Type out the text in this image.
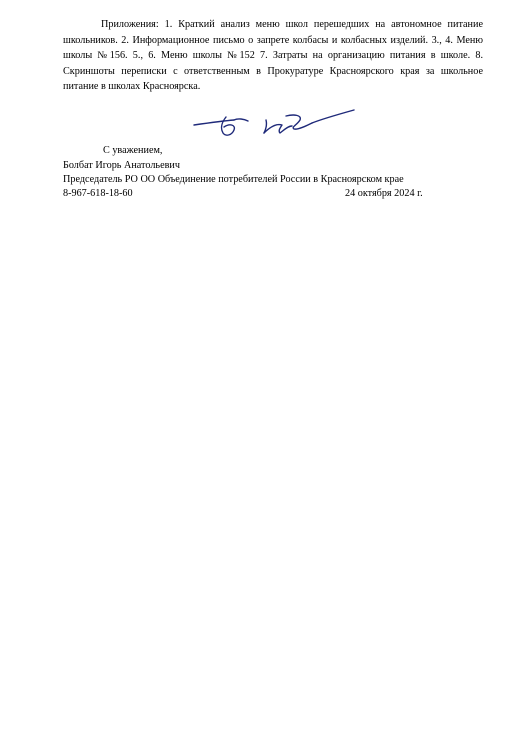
Приложения: 1. Краткий анализ меню школ перешедших на автономное питание школьников. 2. Информационное письмо о запрете колбасы и колбасных изделий. 3., 4. Меню школы №156. 5., 6. Меню школы №152 7. Затраты на организацию питания в школе. 8. Скриншоты переписки с ответственным в Прокуратуре Красноярского края за школьное питание в школах Красноярска.

С уважением,
Болбат Игорь Анатольевич
Председатель РО ОО Объединение потребителей России в Красноярском крае
8-967-618-18-60	24 октября 2024 г.
